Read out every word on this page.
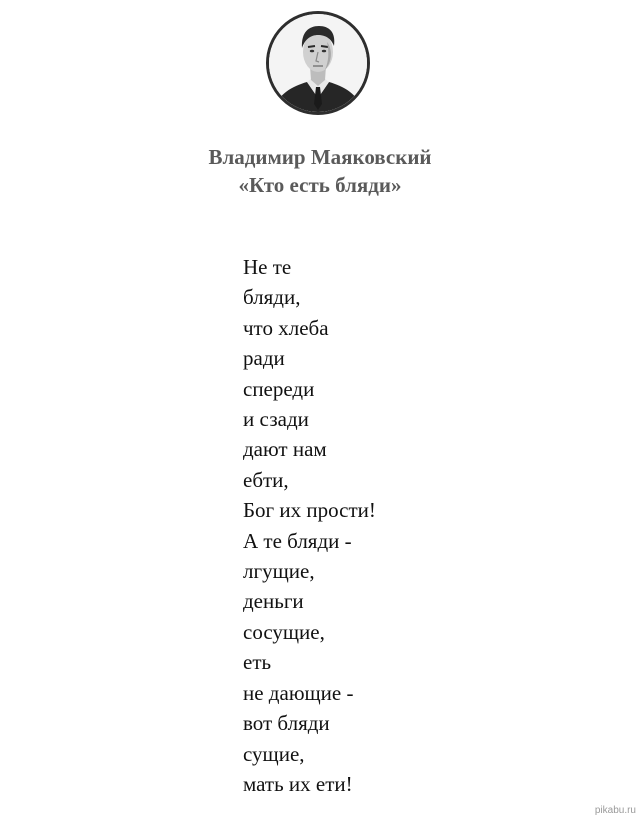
Владимир Маяковский
«Кто есть бляди»
Не те
бляди,
что хлеба
ради
спереди
и сзади
дают нам
ебти,
Бог их прости!
А те бляди -
лгущие,
деньги
сосущие,
еть
не дающие -
вот бляди
сущие,
мать их ети!
pikabu.ru
